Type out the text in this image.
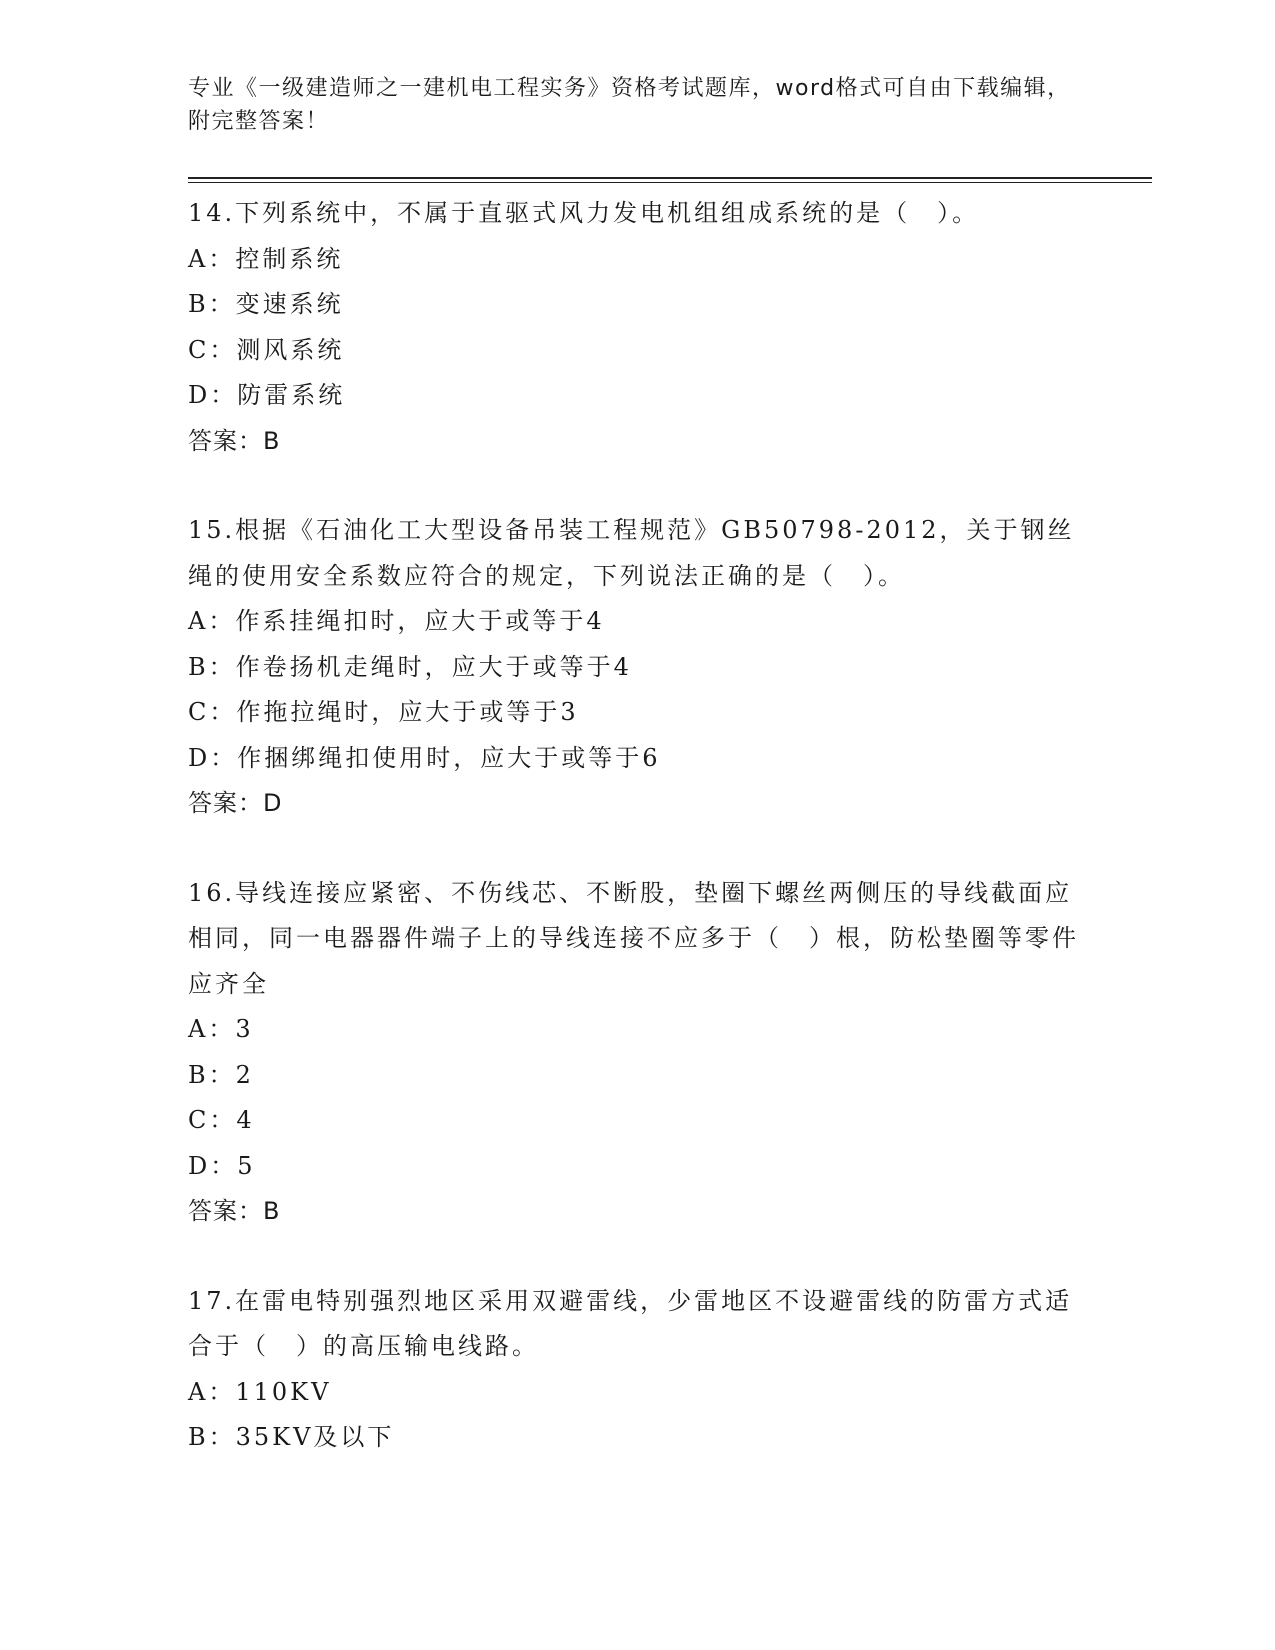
专业《一级建造师之一建机电工程实务》资格考试题库，word格式可自由下载编辑，附完整答案！
14.下列系统中，不属于直驱式风力发电机组组成系统的是（　）。
A：控制系统
B：变速系统
C：测风系统
D：防雷系统
答案：B
15.根据《石油化工大型设备吊装工程规范》GB50798-2012，关于钢丝绳的使用安全系数应符合的规定，下列说法正确的是（　）。
A：作系挂绳扣时，应大于或等于4
B：作卷扬机走绳时，应大于或等于4
C：作拖拉绳时，应大于或等于3
D：作捆绑绳扣使用时，应大于或等于6
答案：D
16.导线连接应紧密、不伤线芯、不断股，垫圈下螺丝两侧压的导线截面应相同，同一电器器件端子上的导线连接不应多于（　）根，防松垫圈等零件应齐全
A：3
B：2
C：4
D：5
答案：B
17.在雷电特别强烈地区采用双避雷线，少雷地区不设避雷线的防雷方式适合于（　）的高压输电线路。
A：110KV
B：35KV及以下
